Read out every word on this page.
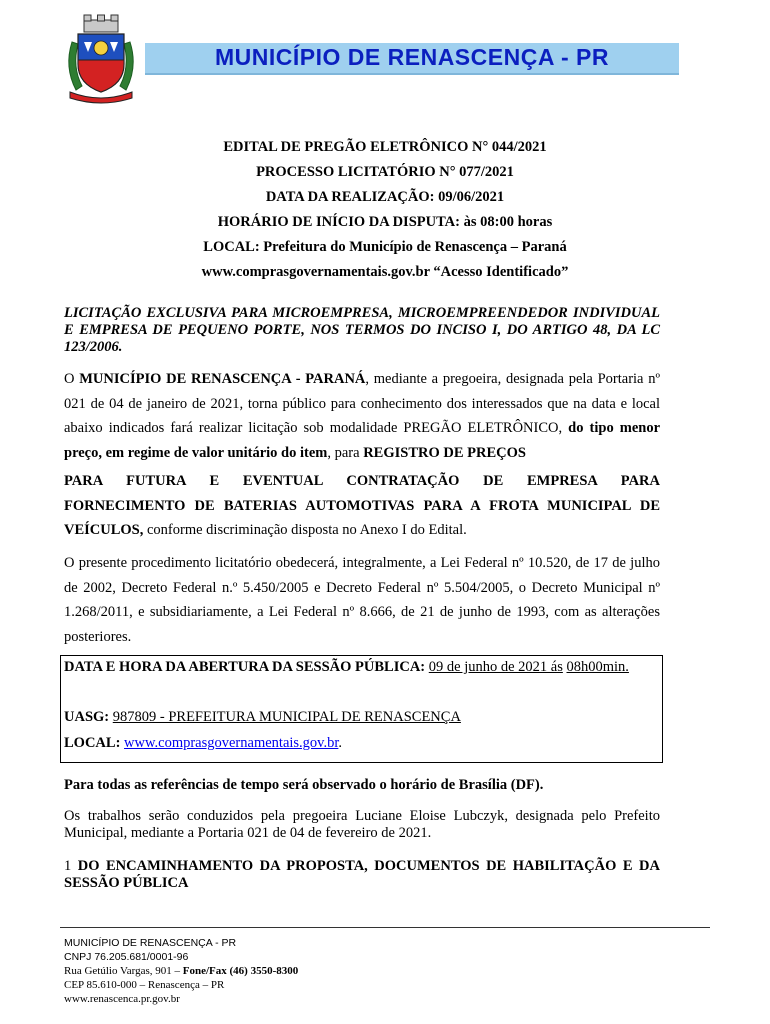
MUNICÍPIO DE RENASCENÇA - PR
EDITAL DE PREGÃO ELETRÔNICO N° 044/2021
PROCESSO LICITATÓRIO N° 077/2021
DATA DA REALIZAÇÃO: 09/06/2021
HORÁRIO DE INÍCIO DA DISPUTA: às 08:00 horas
LOCAL: Prefeitura do Município de Renascença – Paraná
www.comprasgovernamentais.gov.br “Acesso Identificado”
LICITAÇÃO EXCLUSIVA PARA MICROEMPRESA, MICROEMPREENDEDOR INDIVIDUAL E EMPRESA DE PEQUENO PORTE, NOS TERMOS DO INCISO I, DO ARTIGO 48, DA LC 123/2006.
O MUNICÍPIO DE RENASCENÇA - PARANÁ, mediante a pregoeira, designada pela Portaria nº 021 de 04 de janeiro de 2021, torna público para conhecimento dos interessados que na data e local abaixo indicados fará realizar licitação sob modalidade PREGÃO ELETRÔNICO, do tipo menor preço, em regime de valor unitário do item, para REGISTRO DE PREÇOS
PARA FUTURA E EVENTUAL CONTRATAÇÃO DE EMPRESA PARA
FORNECIMENTO DE BATERIAS AUTOMOTIVAS PARA A FROTA MUNICIPAL DE
VEÍCULOS, conforme discriminação disposta no Anexo I do Edital.
O presente procedimento licitatório obedecerá, integralmente, a Lei Federal nº 10.520, de 17 de julho de 2002, Decreto Federal n.º 5.450/2005 e Decreto Federal nº 5.504/2005, o Decreto Municipal nº 1.268/2011, e subsidiariamente, a Lei Federal nº 8.666, de 21 de junho de 1993, com as alterações posteriores.
DATA E HORA DA ABERTURA DA SESSÃO PÚBLICA: 09 de junho de 2021 ás 08h00min.
UASG: 987809 - PREFEITURA MUNICIPAL DE RENASCENÇA
LOCAL: www.comprasgovernamentais.gov.br.
Para todas as referências de tempo será observado o horário de Brasília (DF).
Os trabalhos serão conduzidos pela pregoeira Luciane Eloise Lubczyk, designada pelo Prefeito Municipal, mediante a Portaria 021 de 04 de fevereiro de 2021.
1 DO ENCAMINHAMENTO DA PROPOSTA, DOCUMENTOS DE HABILITAÇÃO E DA SESSÃO PÚBLICA
MUNICÍPIO DE RENASCENÇA - PR
CNPJ 76.205.681/0001-96
Rua Getúlio Vargas, 901 – Fone/Fax (46) 3550-8300
CEP 85.610-000 – Renascença – PR
www.renascenca.pr.gov.br
